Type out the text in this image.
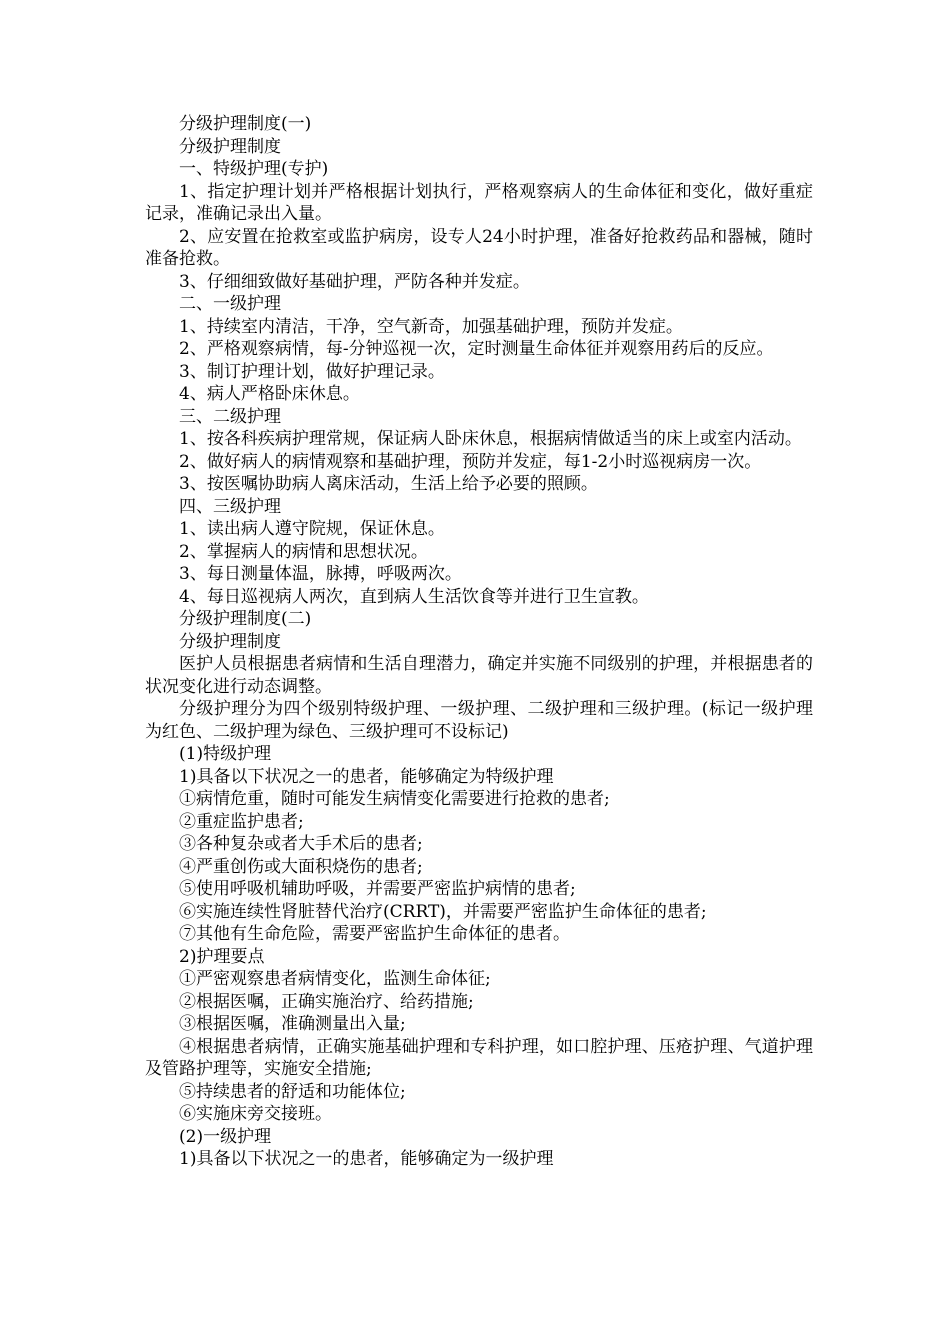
分级护理制度(一)

分级护理制度

一、特级护理(专护)

1、指定护理计划并严格根据计划执行，严格观察病人的生命体征和变化，做好重症记录，准确记录出入量。

2、应安置在抢救室或监护病房，设专人24小时护理，准备好抢救药品和器械，随时准备抢救。

3、仔细细致做好基础护理，严防各种并发症。

二、一级护理

1、持续室内清洁，干净，空气新奇，加强基础护理，预防并发症。

2、严格观察病情，每-分钟巡视一次，定时测量生命体征并观察用药后的反应。

3、制订护理计划，做好护理记录。

4、病人严格卧床休息。

三、二级护理

1、按各科疾病护理常规，保证病人卧床休息，根据病情做适当的床上或室内活动。

2、做好病人的病情观察和基础护理，预防并发症，每1-2小时巡视病房一次。

3、按医嘱协助病人离床活动，生活上给予必要的照顾。

四、三级护理

1、读出病人遵守院规，保证休息。

2、掌握病人的病情和思想状况。

3、每日测量体温，脉搏，呼吸两次。

4、每日巡视病人两次，直到病人生活饮食等并进行卫生宣教。

分级护理制度(二)

分级护理制度

医护人员根据患者病情和生活自理潜力，确定并实施不同级别的护理，并根据患者的状况变化进行动态调整。

分级护理分为四个级别特级护理、一级护理、二级护理和三级护理。(标记一级护理为红色、二级护理为绿色、三级护理可不设标记)

(1)特级护理

1)具备以下状况之一的患者，能够确定为特级护理

①病情危重，随时可能发生病情变化需要进行抢救的患者;

②重症监护患者;

③各种复杂或者大手术后的患者;

④严重创伤或大面积烧伤的患者;

⑤使用呼吸机辅助呼吸，并需要严密监护病情的患者;

⑥实施连续性肾脏替代治疗(CRRT)，并需要严密监护生命体征的患者;

⑦其他有生命危险，需要严密监护生命体征的患者。

2)护理要点

①严密观察患者病情变化，监测生命体征;

②根据医嘱，正确实施治疗、给药措施;

③根据医嘱，准确测量出入量;

④根据患者病情，正确实施基础护理和专科护理，如口腔护理、压疮护理、气道护理及管路护理等，实施安全措施;

⑤持续患者的舒适和功能体位;

⑥实施床旁交接班。

(2)一级护理

1)具备以下状况之一的患者，能够确定为一级护理
